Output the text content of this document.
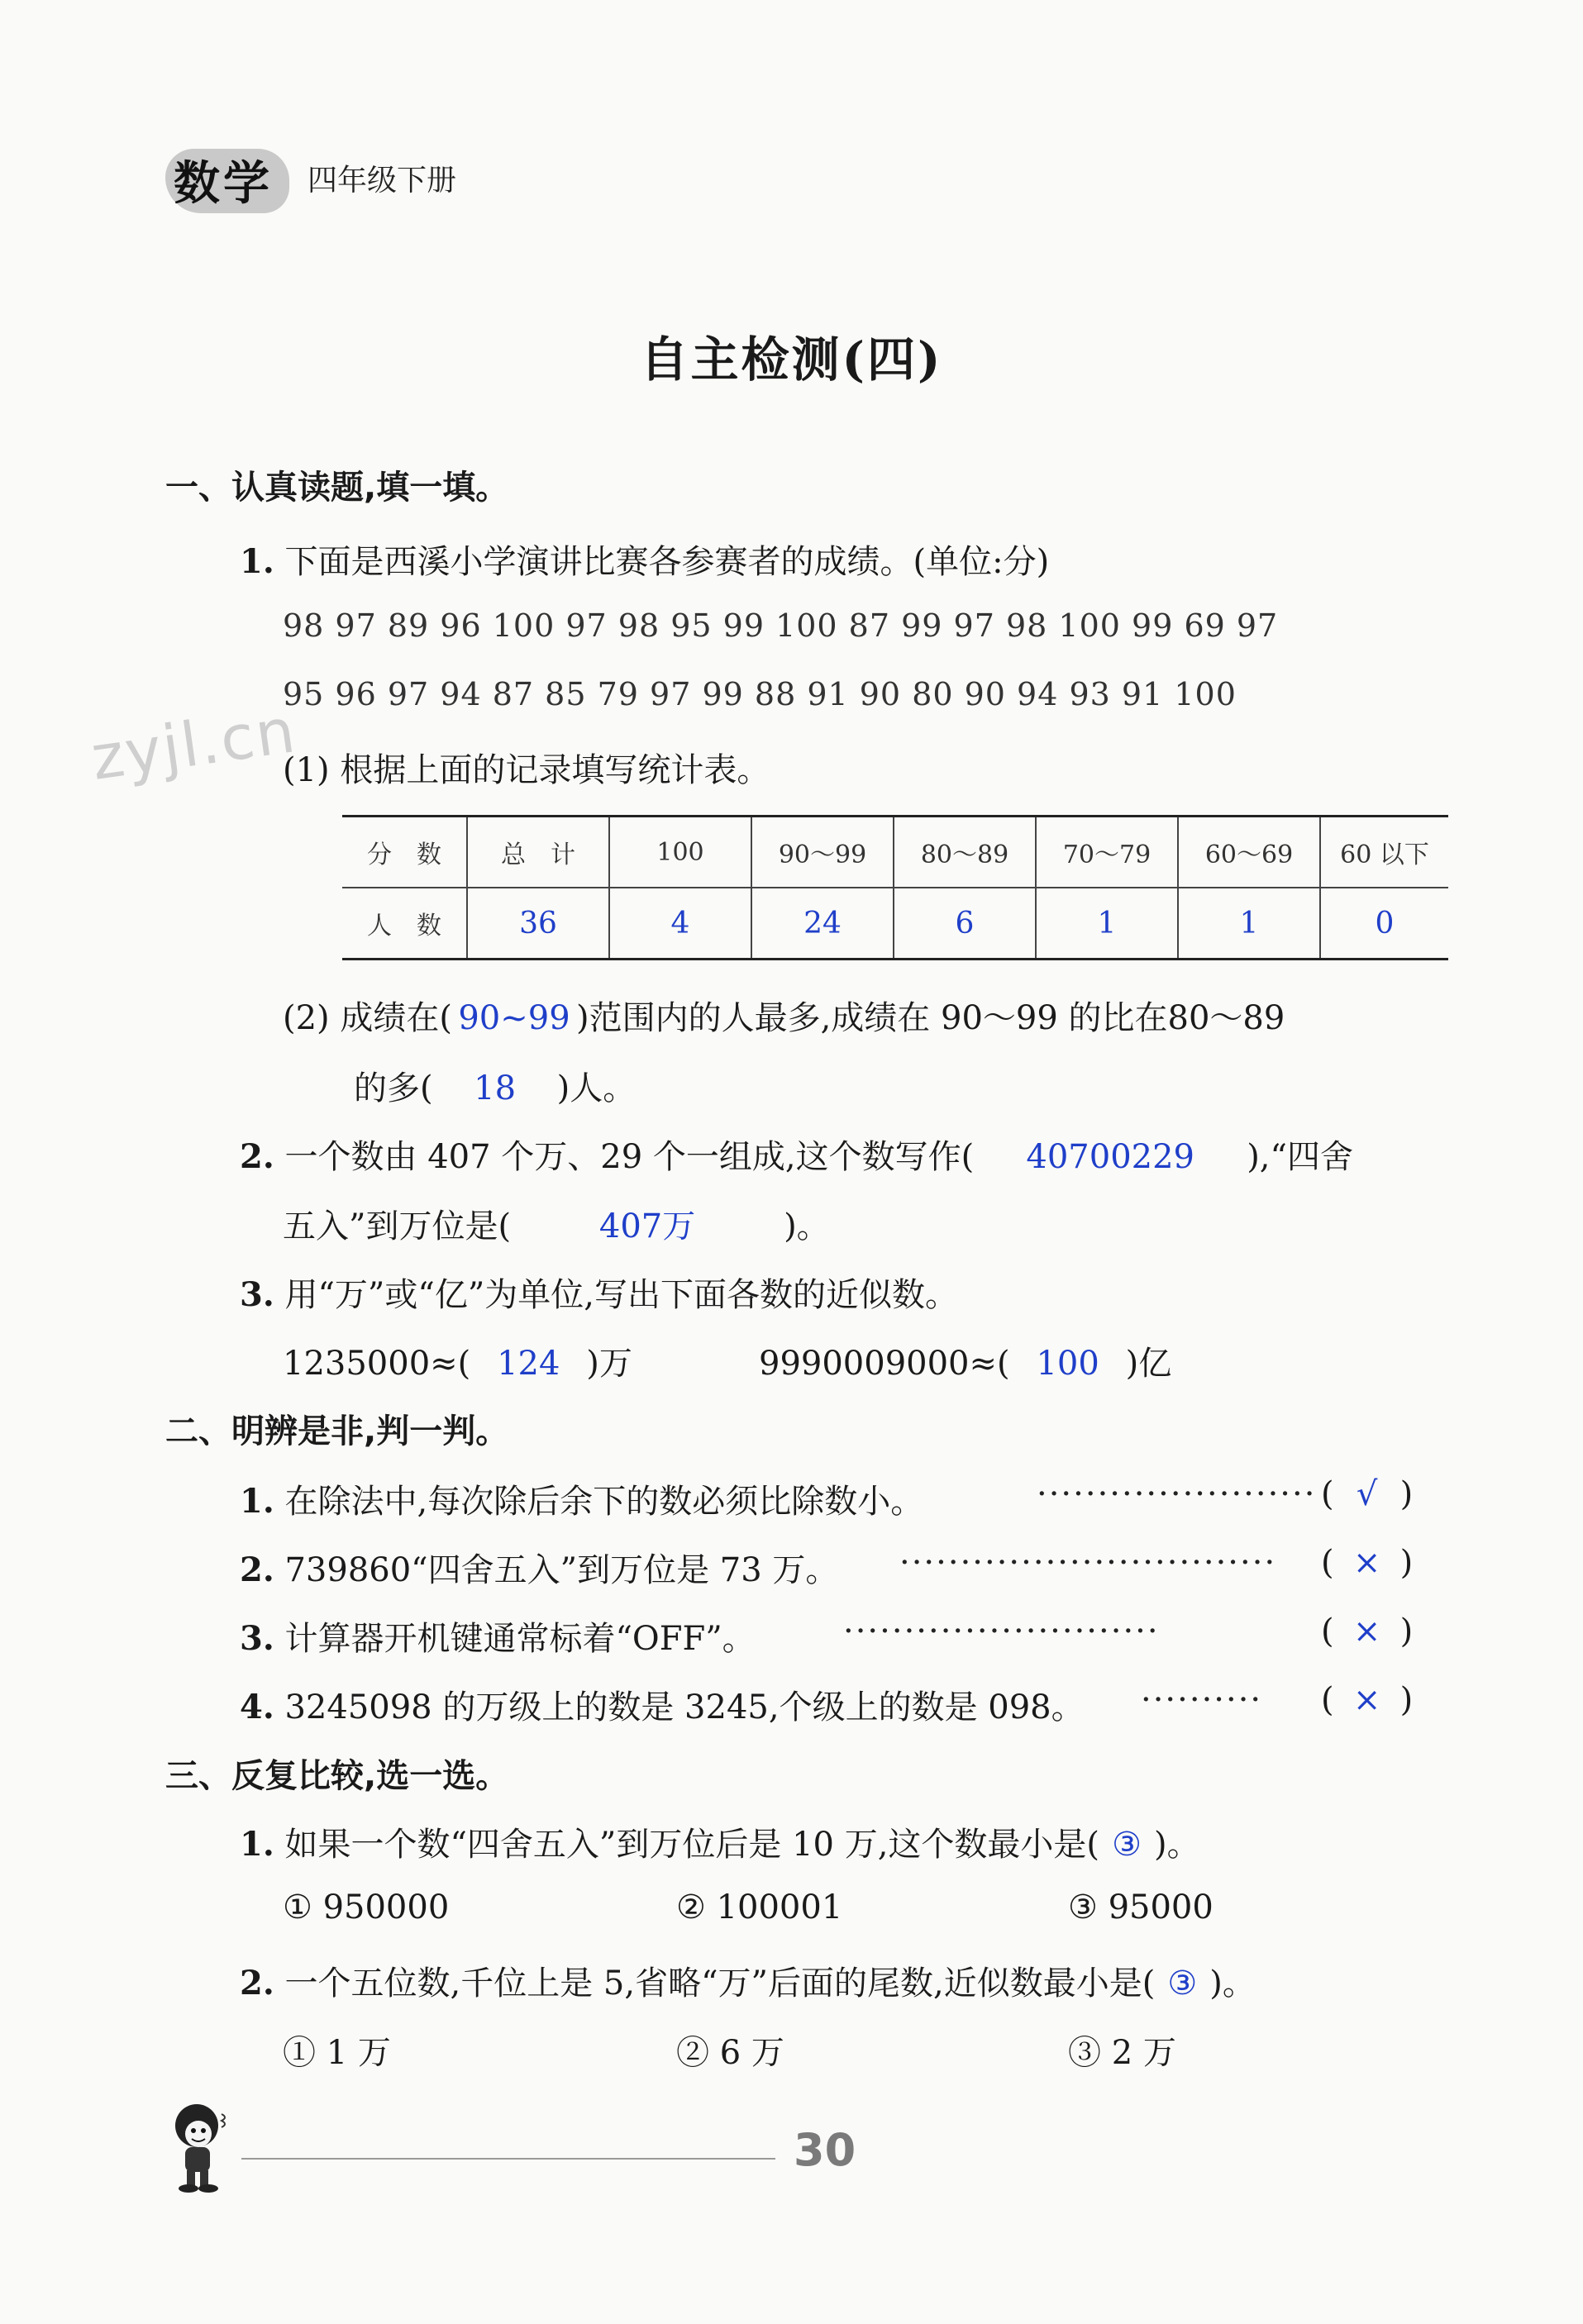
数学 四年级下册
自主检测(四)
zyjl.cn
一、认真读题,填一填。
1. 下面是西溪小学演讲比赛各参赛者的成绩。(单位:分)
98 97 89 96 100 97 98 95 99 100 87 99 97 98 100 99 69 97
95 96 97 94 87 85 79 97 99 88 91 90 80 90 94 93 91 100
(1) 根据上面的记录填写统计表。
分　数	总　计	100	90～99	80～89	70～79	60～69	60 以下
人　数	36	4	24	6	1	1	0
(2) 成绩在( 90~99 )范围内的人最多,成绩在 90～99 的比在80～89
的多( 18 )人。
2. 一个数由 407 个万、29 个一组成,这个数写作( 40700229 ),“四舍
五入”到万位是(	407万	)。
3. 用“万”或“亿”为单位,写出下面各数的近似数。
1235000≈( 124 )万	9990009000≈( 100 )亿
二、明辨是非,判一判。
1. 在除法中,每次除后余下的数必须比除数小。	······················· ( √ )
2. 739860“四舍五入”到万位是 73 万。 ······························· ( × )
3. 计算器开机键通常标着“OFF”。	··························	( × )
4. 3245098 的万级上的数是 3245,个级上的数是 098。 ·········· ( × )
三、反复比较,选一选。
1. 如果一个数“四舍五入”到万位后是 10 万,这个数最小是( ③ )。
① 950000	② 100001	③ 95000
2. 一个五位数,千位上是 5,省略“万”后面的尾数,近似数最小是( ③ )。
① 1 万	② 6 万	③ 2 万
30
